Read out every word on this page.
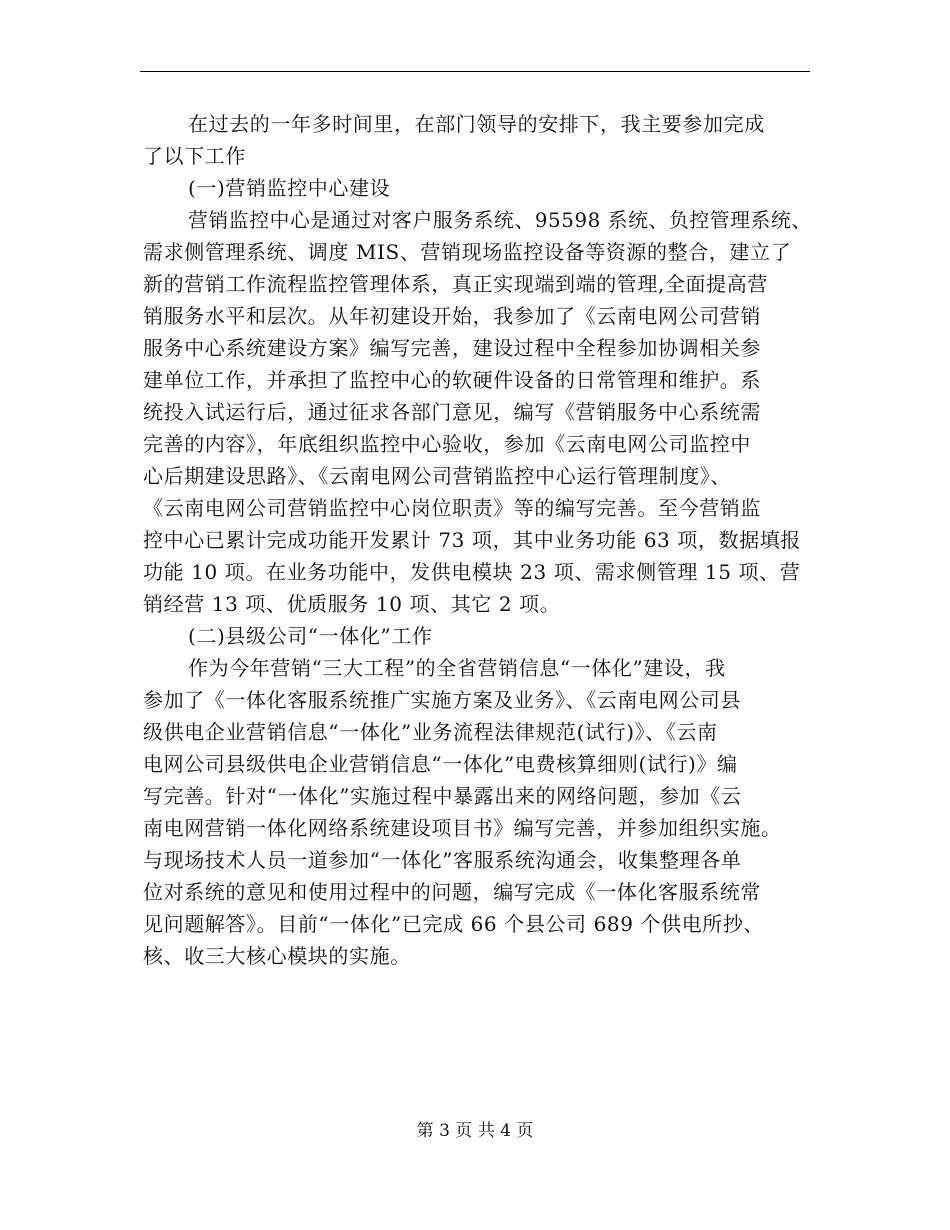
在过去的一年多时间里，在部门领导的安排下，我主要参加完成
了以下工作
(一)营销监控中心建设
营销监控中心是通过对客户服务系统、95598 系统、负控管理系统、
需求侧管理系统、调度 MIS、营销现场监控设备等资源的整合，建立了
新的营销工作流程监控管理体系，真正实现端到端的管理,全面提高营
销服务水平和层次。从年初建设开始，我参加了《云南电网公司营销
服务中心系统建设方案》编写完善，建设过程中全程参加协调相关参
建单位工作，并承担了监控中心的软硬件设备的日常管理和维护。系
统投入试运行后，通过征求各部门意见，编写《营销服务中心系统需
完善的内容》，年底组织监控中心验收，参加《云南电网公司监控中
心后期建设思路》、《云南电网公司营销监控中心运行管理制度》、
《云南电网公司营销监控中心岗位职责》等的编写完善。至今营销监
控中心已累计完成功能开发累计 73 项，其中业务功能 63 项，数据填报
功能 10 项。在业务功能中，发供电模块 23 项、需求侧管理 15 项、营
销经营 13 项、优质服务 10 项、其它 2 项。
(二)县级公司“一体化”工作
作为今年营销“三大工程”的全省营销信息“一体化”建设，我
参加了《一体化客服系统推广实施方案及业务》、《云南电网公司县
级供电企业营销信息“一体化”业务流程法律规范(试行)》、《云南
电网公司县级供电企业营销信息“一体化”电费核算细则(试行)》编
写完善。针对“一体化”实施过程中暴露出来的网络问题，参加《云
南电网营销一体化网络系统建设项目书》编写完善，并参加组织实施。
与现场技术人员一道参加“一体化”客服系统沟通会，收集整理各单
位对系统的意见和使用过程中的问题，编写完成《一体化客服系统常
见问题解答》。目前“一体化”已完成 66 个县公司 689 个供电所抄、
核、收三大核心模块的实施。
第 3 页 共 4 页
